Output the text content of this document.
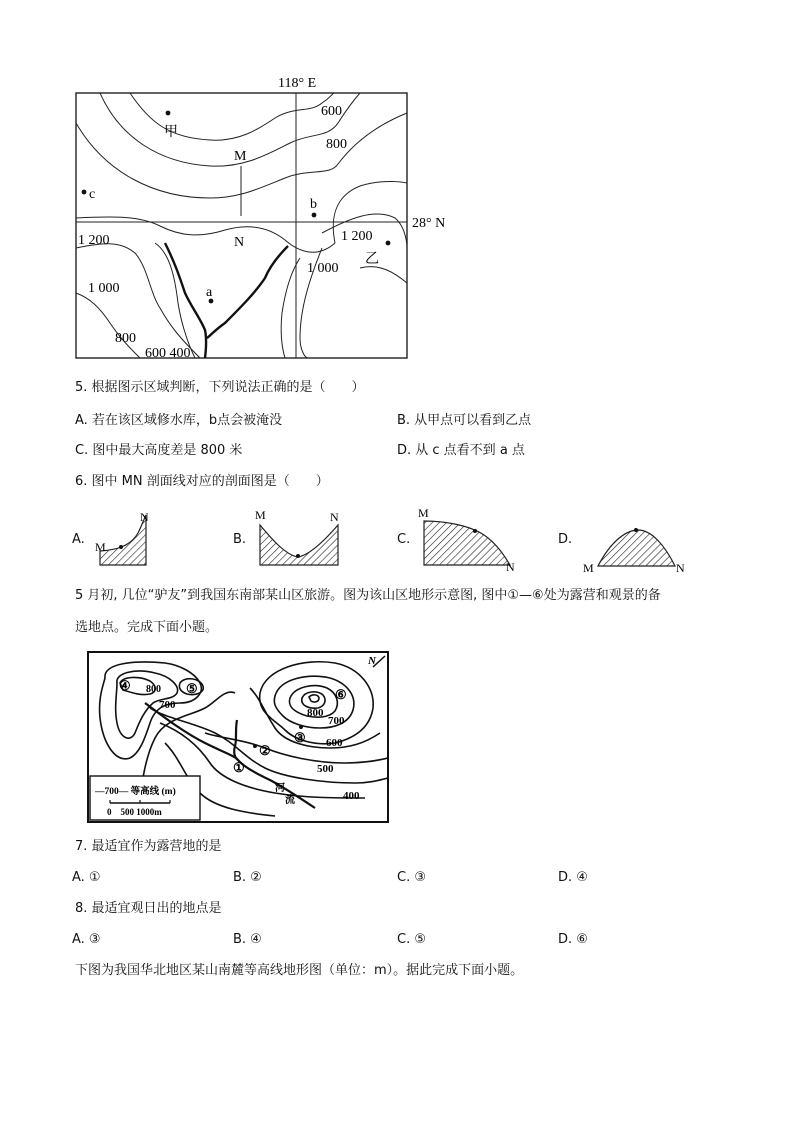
118° E
28° N
甲
M
N
c
b
乙
a
600
800
1 200	1 200
1 000
1 000
800
600 400
5. 根据图示区域判断，下列说法正确的是（　　）
A. 若在该区域修水库，b点会被淹没	B. 从甲点可以看到乙点
C. 图中最大高度差是 800 米	D. 从 c 点看不到 a 点
6. 图中 MN 剖面线对应的剖面图是（　　）
A. M
N
B.
M	N
C.
M
N
D.
M	N
5 月初, 几位“驴友”到我国东南部某山区旅游。图为该山区地形示意图, 图中①—⑥处为露营和观景的备
选地点。完成下面小题。
—700— 等高线 (m)
0　500 1000m
④	⑤	⑥
③
②
①
800
700
800
700
600
500
400
河
流
N
7. 最适宜作为露营地的是
A. ①	B. ②	C. ③	D. ④
8. 最适宜观日出的地点是
A. ③	B. ④	C. ⑤	D. ⑥
下图为我国华北地区某山南麓等高线地形图（单位：m）。据此完成下面小题。
